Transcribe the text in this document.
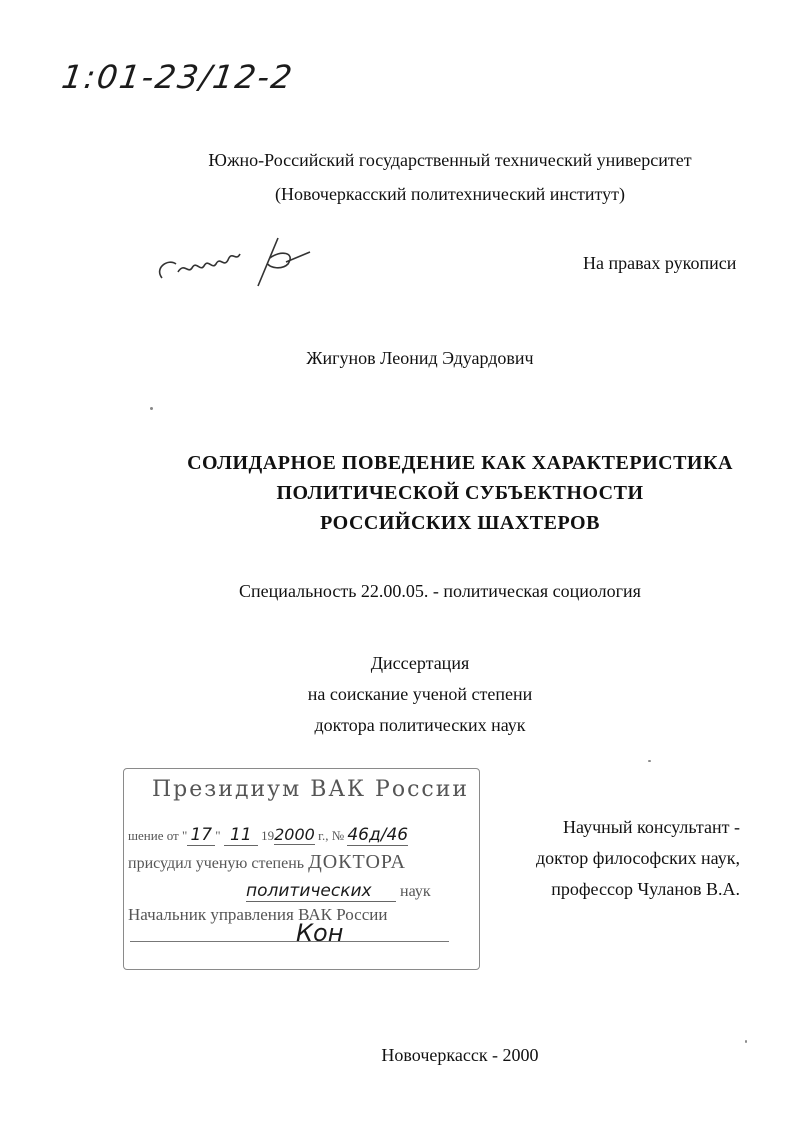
1:01-23/12-2
Южно-Российский государственный технический университет
(Новочеркасский политехнический институт)
На правах рукописи
Жигунов Леонид Эдуардович
СОЛИДАРНОЕ ПОВЕДЕНИЕ КАК ХАРАКТЕРИСТИКА
ПОЛИТИЧЕСКОЙ СУБЪЕКТНОСТИ
РОССИЙСКИХ ШАХТЕРОВ
Специальность 22.00.05. - политическая социология
Диссертация
на соискание ученой степени
доктора политических наук
Президиум ВАК России
шение от " 17 " 11 192000 г., № 46д/46
присудил ученую степень ДОКТОРА
политических наук
Начальник управления ВАК России
Кон
Научный консультант -
доктор философских наук,
профессор Чуланов В.А.
Новочеркасск - 2000
